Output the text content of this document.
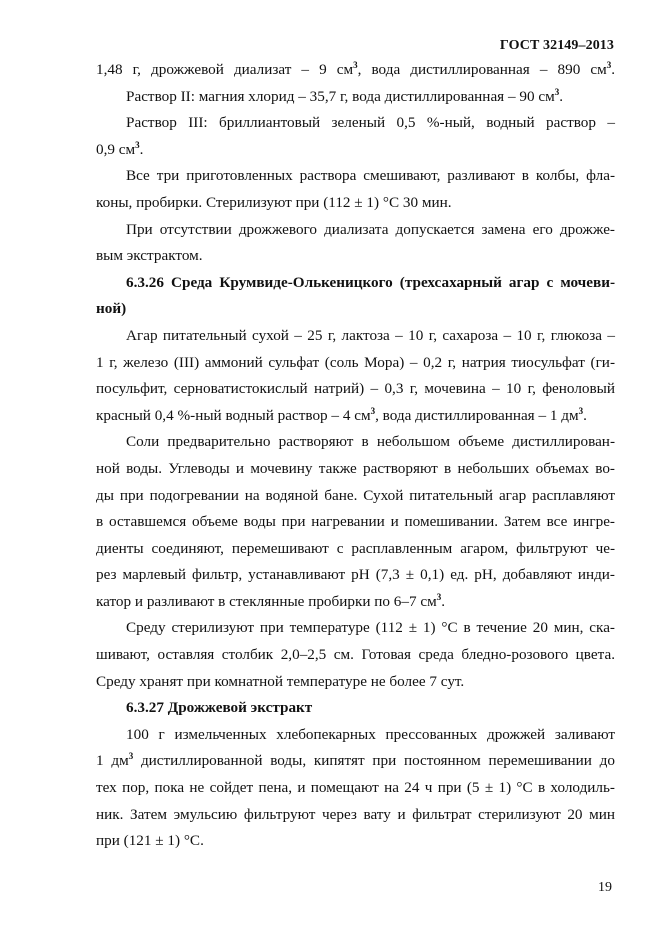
ГОСТ 32149–2013
1,48 г, дрожжевой диализат – 9 $см^3$, вода дистиллированная – 890 $см^3$.
Раствор II: магния хлорид – 35,7 г, вода дистиллированная – 90 $см^3$.
Раствор III: бриллиантовый зеленый 0,5 %-ный, водный раствор –
0,9 $см^3$.
Все три приготовленных раствора смешивают, разливают в колбы, фла-
коны, пробирки. Стерилизуют при (112 ± 1) °С 30 мин.
При отсутствии дрожжевого диализата допускается замена его дрожже-
вым экстрактом.
6.3.26 Среда Крумвиде-Олькеницкого (трехсахарный агар с мочеви-
ной)
Агар питательный сухой – 25 г, лактоза – 10 г, сахароза – 10 г, глюкоза –
1 г, железо (III) аммоний сульфат (соль Мора) – 0,2 г, натрия тиосульфат (ги-
посульфит, серноватистокислый натрий) – 0,3 г, мочевина – 10 г, феноловый
красный 0,4 %-ный водный раствор – 4 $см^3$, вода дистиллированная – 1 $дм^3$.
Соли предварительно растворяют в небольшом объеме дистиллирован-
ной воды. Углеводы и мочевину также растворяют в небольших объемах во-
ды при подогревании на водяной бане. Сухой питательный агар расплавляют
в оставшемся объеме воды при нагревании и помешивании. Затем все ингре-
диенты соединяют, перемешивают с расплавленным агаром, фильтруют че-
рез марлевый фильтр, устанавливают рН (7,3 ± 0,1) ед. рН, добавляют инди-
катор и разливают в стеклянные пробирки по 6–7 $см^3$.
Среду стерилизуют при температуре (112 ± 1) °С в течение 20 мин, ска-
шивают, оставляя столбик 2,0–2,5 см. Готовая среда бледно-розового цвета.
Среду хранят при комнатной температуре не более 7 сут.
6.3.27 Дрожжевой экстракт
100 г измельченных хлебопекарных прессованных дрожжей заливают
1 $дм^3$ дистиллированной воды, кипятят при постоянном перемешивании до
тех пор, пока не сойдет пена, и помещают на 24 ч при (5 ± 1) °С в холодиль-
ник. Затем эмульсию фильтруют через вату и фильтрат стерилизуют 20 мин
при (121 ± 1) °С.
19
